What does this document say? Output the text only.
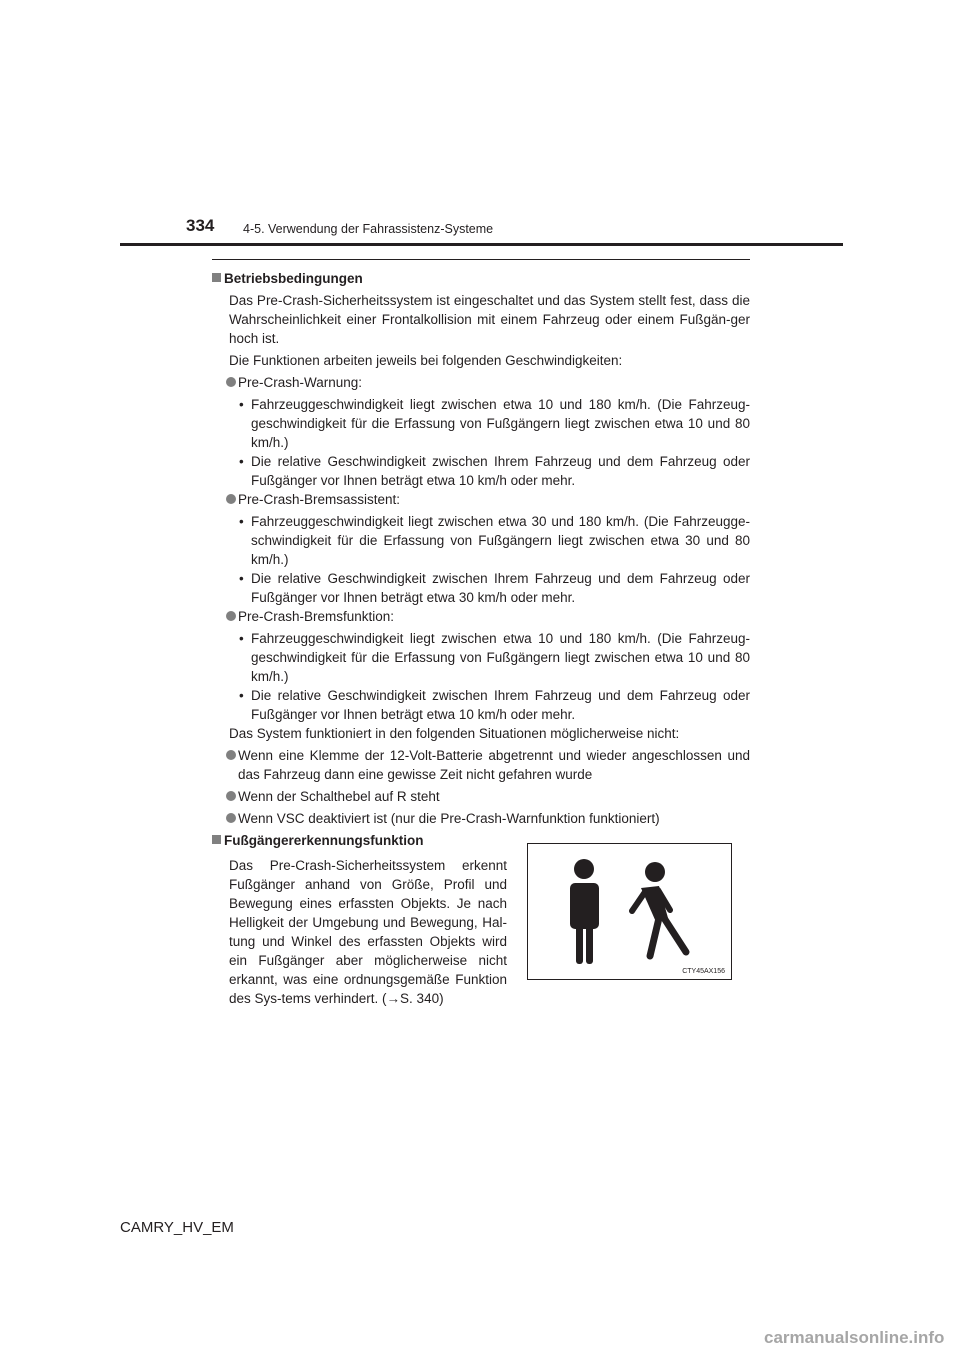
334 4-5. Verwendung der Fahrassistenz-Systeme

Betriebsbedingungen

Das Pre-Crash-Sicherheitssystem ist eingeschaltet und das System stellt fest, dass die Wahrscheinlichkeit einer Frontalkollision mit einem Fahrzeug oder einem Fußgän-ger hoch ist.

Die Funktionen arbeiten jeweils bei folgenden Geschwindigkeiten:

Pre-Crash-Warnung:

• Fahrzeuggeschwindigkeit liegt zwischen etwa 10 und 180 km/h. (Die Fahrzeug-geschwindigkeit für die Erfassung von Fußgängern liegt zwischen etwa 10 und 80 km/h.)

• Die relative Geschwindigkeit zwischen Ihrem Fahrzeug und dem Fahrzeug oder Fußgänger vor Ihnen beträgt etwa 10 km/h oder mehr.

Pre-Crash-Bremsassistent:

• Fahrzeuggeschwindigkeit liegt zwischen etwa 30 und 180 km/h. (Die Fahrzeugge-schwindigkeit für die Erfassung von Fußgängern liegt zwischen etwa 30 und 80 km/h.)

• Die relative Geschwindigkeit zwischen Ihrem Fahrzeug und dem Fahrzeug oder Fußgänger vor Ihnen beträgt etwa 30 km/h oder mehr.

Pre-Crash-Bremsfunktion:

• Fahrzeuggeschwindigkeit liegt zwischen etwa 10 und 180 km/h. (Die Fahrzeug-geschwindigkeit für die Erfassung von Fußgängern liegt zwischen etwa 10 und 80 km/h.)

• Die relative Geschwindigkeit zwischen Ihrem Fahrzeug und dem Fahrzeug oder Fußgänger vor Ihnen beträgt etwa 10 km/h oder mehr.

Das System funktioniert in den folgenden Situationen möglicherweise nicht:

Wenn eine Klemme der 12-Volt-Batterie abgetrennt und wieder angeschlossen und das Fahrzeug dann eine gewisse Zeit nicht gefahren wurde

Wenn der Schalthebel auf R steht

Wenn VSC deaktiviert ist (nur die Pre-Crash-Warnfunktion funktioniert)

Fußgängererkennungsfunktion

Das Pre-Crash-Sicherheitssystem erkennt Fußgänger anhand von Größe, Profil und Bewegung eines erfassten Objekts. Je nach Helligkeit der Umgebung und Bewegung, Hal-tung und Winkel des erfassten Objekts wird ein Fußgänger aber möglicherweise nicht erkannt, was eine ordnungsgemäße Funktion des Sys-tems verhindert. (→S. 340)

CTY45AX156
CAMRY_HV_EM
carmanualsonline.info
